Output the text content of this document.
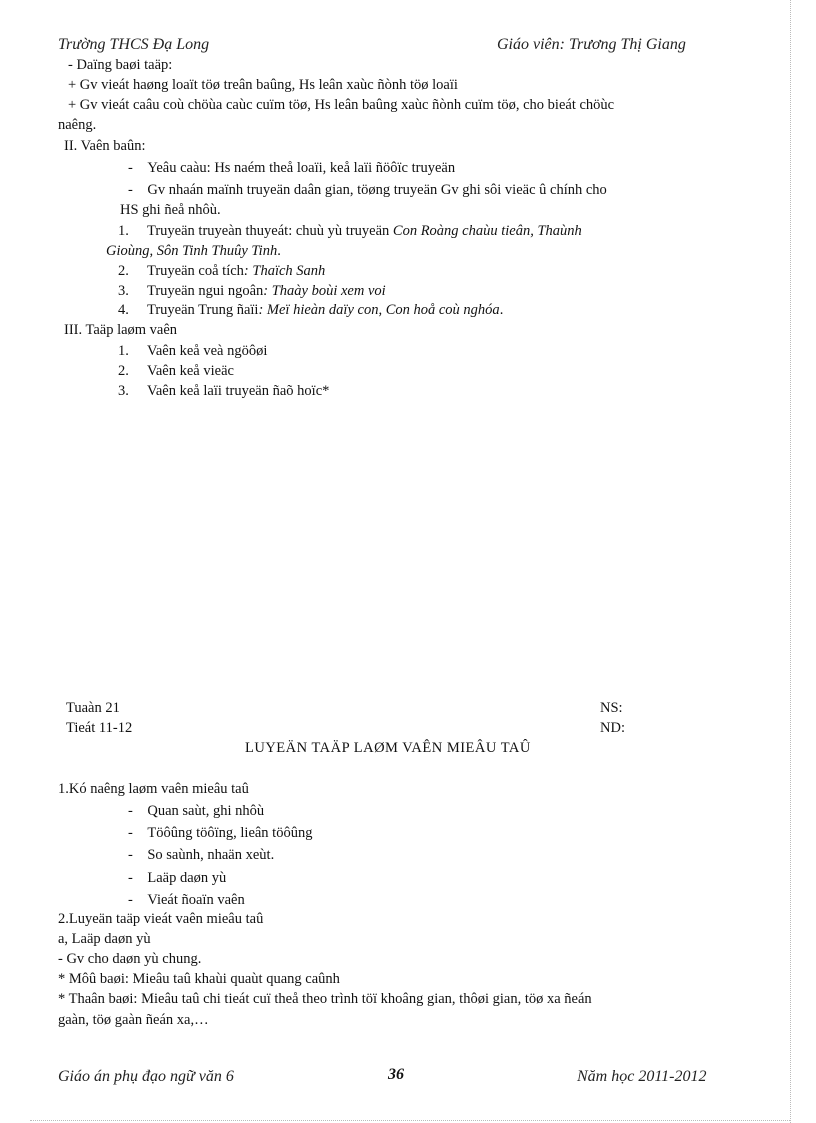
Trường THCS Đạ Long	Giáo viên: Trương Thị Giang
- Daïng baøi taäp:
+ Gv vieát haøng loaït töø treân baûng, Hs leân xaùc ñònh töø loaïi
+ Gv vieát caâu coù chöùa caùc cuïm töø, Hs leân baûng xaùc ñònh cuïm töø, cho bieát chöùc
naêng.
II. Vaên baûn:
-    Yeâu caàu: Hs naém theå loaïi, keå laïi ñöôïc truyeän
-    Gv nhaán maïnh truyeän daân gian, töøng truyeän Gv ghi sôi vieäc û chính cho
HS ghi ñeå nhôù.
1. Truyeän truyeàn thuyeát: chuù yù truyeän Con Roàng chaùu tieân, Thaùnh
Gioùng, Sôn Tinh Thuûy Tinh.
2. Truyeän coå tích: Thaïch Sanh
3. Truyeän ngui ngoân: Thaày boùi xem voi
4. Truyeän Trung ñaïi: Meï hieàn daïy con, Con hoå coù nghóa.
III. Taäp laøm vaên
1. Vaên keå veà ngöôøi
2. Vaên keå vieäc
3. Vaên keå laïi truyeän ñaõ hoïc*
Tuaàn 21
Tieát 11-12
NS:
ND:
LUYEÄN TAÄP LAØM VAÊN MIEÂU TAÛ
1.Kó naêng laøm vaên mieâu taû
-    Quan saùt, ghi nhôù
-    Töôûng töôïng, lieân töôûng
-    So saùnh, nhaän xeùt.
-    Laäp daøn yù
-    Vieát ñoaïn vaên
2.Luyeän taäp vieát vaên mieâu taû
a, Laäp daøn yù
- Gv cho daøn yù chung.
* Môû baøi: Mieâu taû khaùi quaùt quang caûnh
* Thaân baøi: Mieâu taû chi tieát cuï theå theo trình töï khoâng gian, thôøi gian, töø xa ñeán
gaàn, töø gaàn ñeán xa,…
Giáo án phụ đạo ngữ văn 6	36	Năm học 2011-2012
